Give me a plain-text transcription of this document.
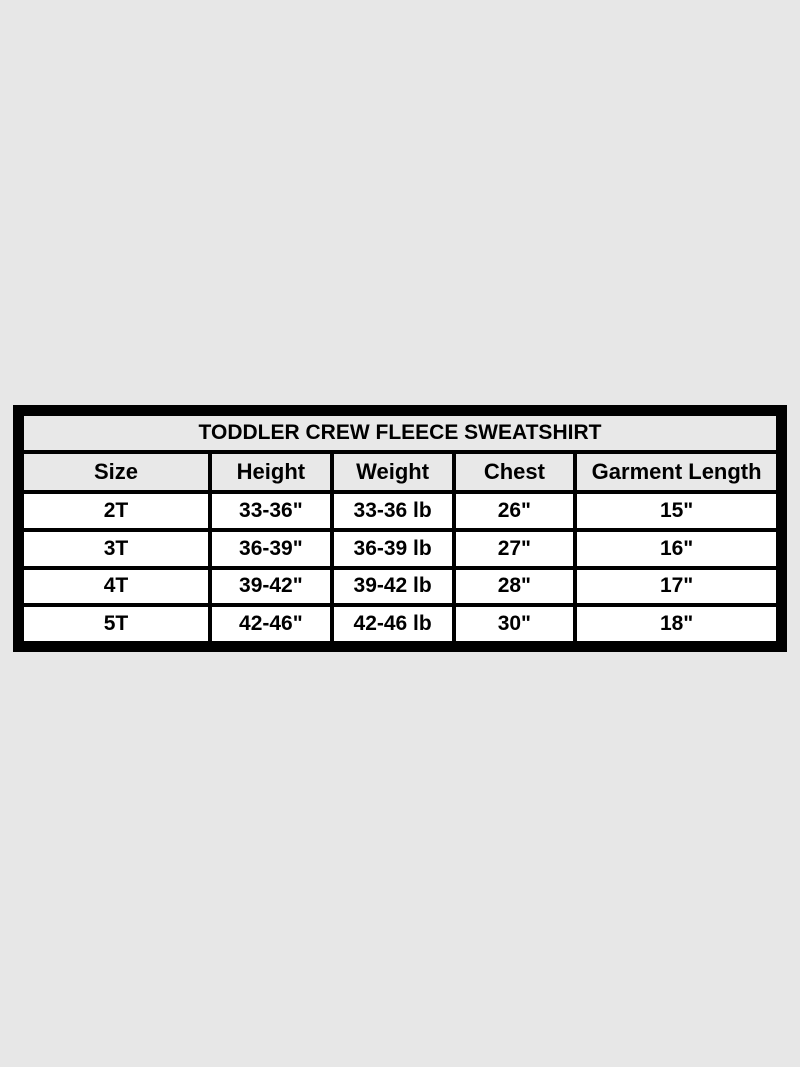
TODDLER CREW FLEECE SWEATSHIRT				
Size	Height	Weight	Chest	Garment Length
2T	33-36"	33-36 lb	26"	15"
3T	36-39"	36-39 lb	27"	16"
4T	39-42"	39-42 lb	28"	17"
5T	42-46"	42-46 lb	30"	18"
